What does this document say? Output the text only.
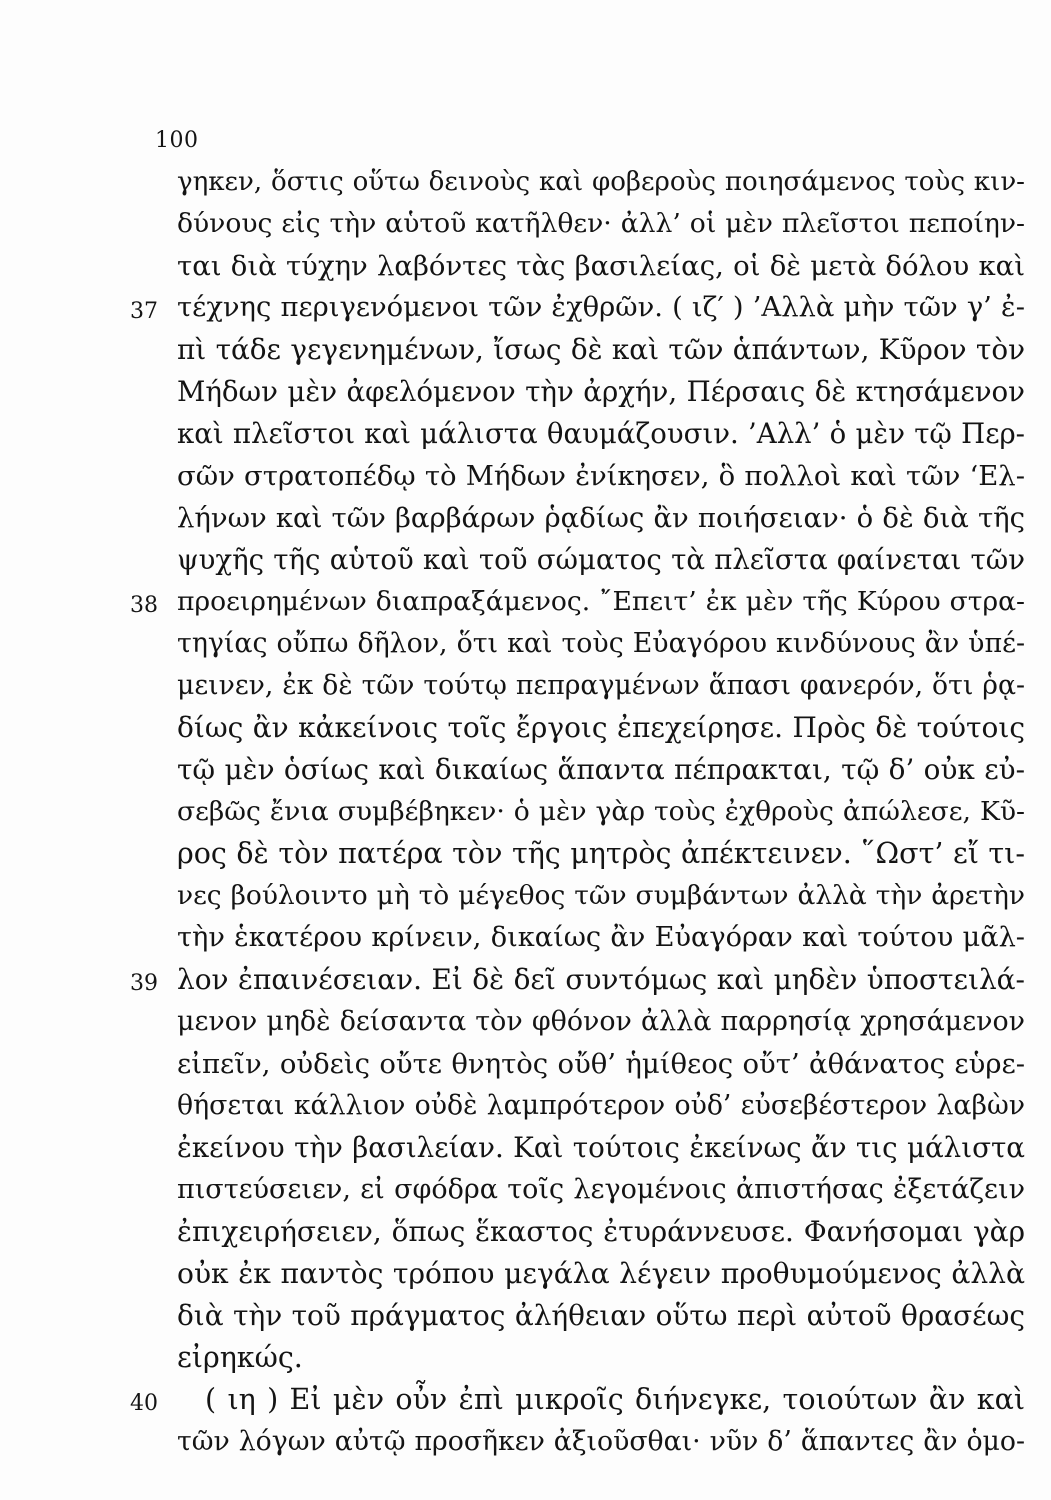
100
γηκεν, ὅστις οὕτω δεινοὺς καὶ φοβεροὺς ποιησάμενος τοὺς κιν-
δύνους εἰς τὴν αὑτοῦ κατῆλθεν· ἀλλ’ οἱ μὲν πλεῖστοι πεποίην-
ται διὰ τύχην λαβόντες τὰς βασιλείας, οἱ δὲ μετὰ δόλου καὶ
τέχνης περιγενόμενοι τῶν ἐχθρῶν. ( ιζ′ ) ’Αλλὰ μὴν τῶν γ’ ἐ-
πὶ τάδε γεγενημένων, ἴσως δὲ καὶ τῶν ἁπάντων, Κῦρον τὸν
Μήδων μὲν ἀφελόμενον τὴν ἀρχήν, Πέρσαις δὲ κτησάμενον
καὶ πλεῖστοι καὶ μάλιστα θαυμάζουσιν. ’Αλλ’ ὁ μὲν τῷ Περ-
σῶν στρατοπέδῳ τὸ Μήδων ἐνίκησεν, ὃ πολλοὶ καὶ τῶν ‘Ελ-
λήνων καὶ τῶν βαρβάρων ῥᾳδίως ἂν ποιήσειαν· ὁ δὲ διὰ τῆς
ψυχῆς τῆς αὑτοῦ καὶ τοῦ σώματος τὰ πλεῖστα φαίνεται τῶν
προειρημένων διαπραξάμενος. ῎Επειτ’ ἐκ μὲν τῆς Κύρου στρα-
τηγίας οὔπω δῆλον, ὅτι καὶ τοὺς Εὐαγόρου κινδύνους ἂν ὑπέ-
μεινεν, ἐκ δὲ τῶν τούτῳ πεπραγμένων ἅπασι φανερόν, ὅτι ῥᾳ-
δίως ἂν κἀκείνοις τοῖς ἔργοις ἐπεχείρησε. Πρὸς δὲ τούτοις
τῷ μὲν ὁσίως καὶ δικαίως ἅπαντα πέπρακται, τῷ δ’ οὐκ εὐ-
σεβῶς ἔνια συμβέβηκεν· ὁ μὲν γὰρ τοὺς ἐχθροὺς ἀπώλεσε, Κῦ-
ρος δὲ τὸν πατέρα τὸν τῆς μητρὸς ἀπέκτεινεν. ῞Ωστ’ εἴ τι-
νες βούλοιντο μὴ τὸ μέγεθος τῶν συμβάντων ἀλλὰ τὴν ἀρετὴν
τὴν ἑκατέρου κρίνειν, δικαίως ἂν Εὐαγόραν καὶ τούτου μᾶλ-
λον ἐπαινέσειαν. Εἰ δὲ δεῖ συντόμως καὶ μηδὲν ὑποστειλά-
μενον μηδὲ δείσαντα τὸν φθόνον ἀλλὰ παρρησίᾳ χρησάμενον
εἰπεῖν, οὐδεὶς οὔτε θνητὸς οὔθ’ ἡμίθεος οὔτ’ ἀθάνατος εὑρε-
θήσεται κάλλιον οὐδὲ λαμπρότερον οὐδ’ εὐσεβέστερον λαβὼν
ἐκείνου τὴν βασιλείαν. Καὶ τούτοις ἐκείνως ἄν τις μάλιστα
πιστεύσειεν, εἰ σφόδρα τοῖς λεγομένοις ἀπιστήσας ἐξετάζειν
ἐπιχειρήσειεν, ὅπως ἕκαστος ἐτυράννευσε. Φανήσομαι γὰρ
οὐκ ἐκ παντὸς τρόπου μεγάλα λέγειν προθυμούμενος ἀλλὰ
διὰ τὴν τοῦ πράγματος ἀλήθειαν οὕτω περὶ αὐτοῦ θρασέως
εἰρηκώς.
( ιη ) Εἰ μὲν οὖν ἐπὶ μικροῖς διήνεγκε, τοιούτων ἂν καὶ
τῶν λόγων αὐτῷ προσῆκεν ἀξιοῦσθαι· νῦν δ’ ἅπαντες ἂν ὁμο-
37
38
39
40
